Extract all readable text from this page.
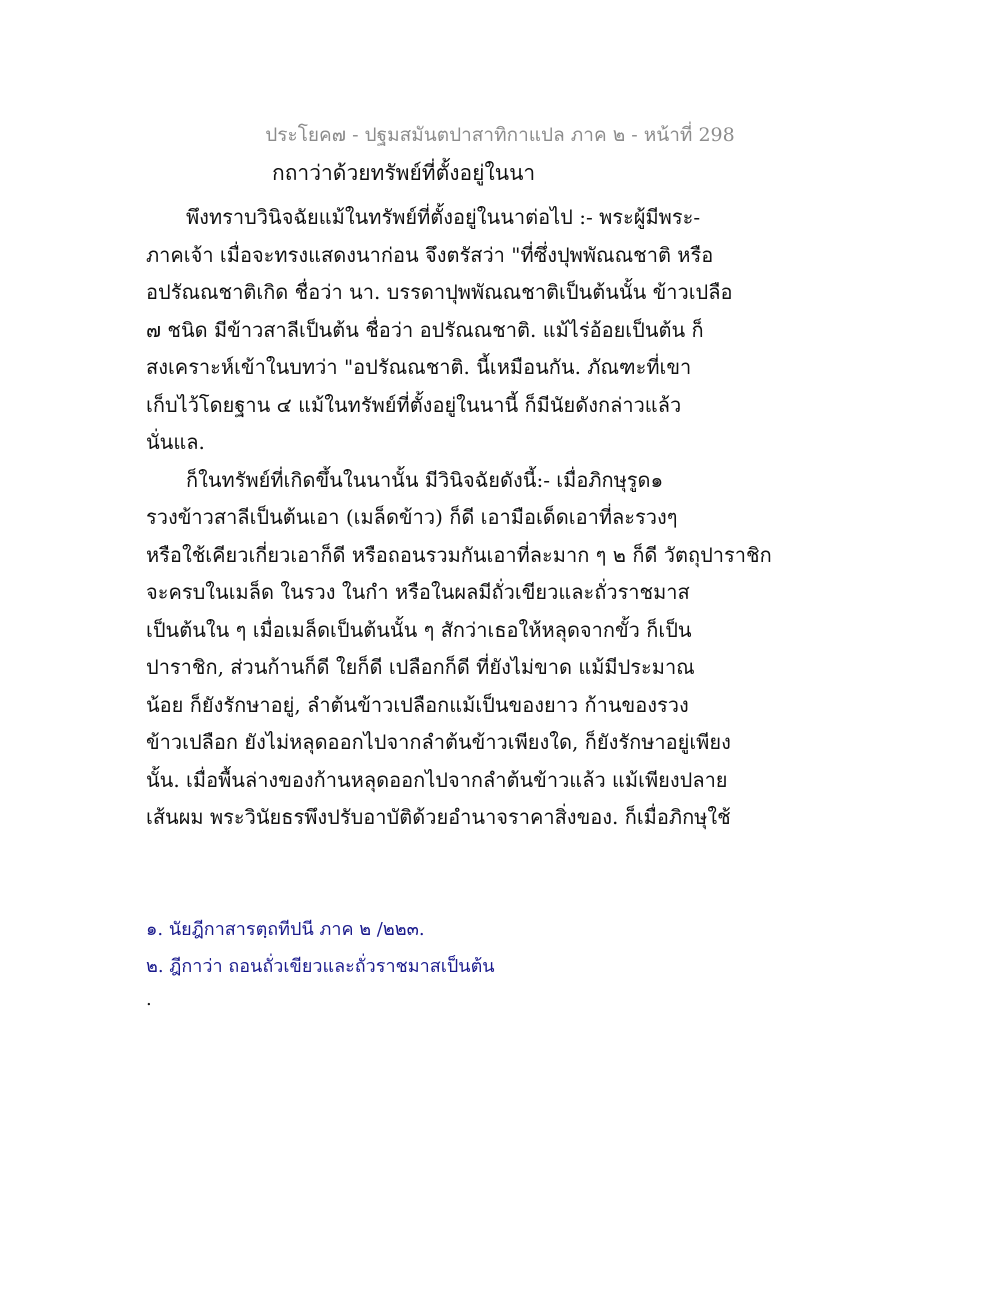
ประโยค๗ - ปฐมสมันตปาสาทิกาแปล ภาค ๒ - หน้าที่ 298
กถาว่าด้วยทรัพย์ที่ตั้งอยู่ในนา
พึงทราบวินิจฉัยแม้ในทรัพย์ที่ตั้งอยู่ในนาต่อไป :- พระผู้มีพระ-
ภาคเจ้า เมื่อจะทรงแสดงนาก่อน จึงตรัสว่า "ที่ซึ่งปุพพัณณชาติ หรือ
อปรัณณชาติเกิด ชื่อว่า นา. บรรดาปุพพัณณชาติเป็นต้นนั้น ข้าวเปลือ
๗ ชนิด มีข้าวสาลีเป็นต้น ชื่อว่า อปรัณณชาติ. แม้ไร่อ้อยเป็นต้น ก็
สงเคราะห์เข้าในบทว่า "อปรัณณชาติ. นี้เหมือนกัน. ภัณฑะที่เขา
เก็บไว้โดยฐาน ๔ แม้ในทรัพย์ที่ตั้งอยู่ในนานี้ ก็มีนัยดังกล่าวแล้ว
นั่นแล.
ก็ในทรัพย์ที่เกิดขึ้นในนานั้น มีวินิจฉัยดังนี้:- เมื่อภิกษุรูด๑
รวงข้าวสาลีเป็นต้นเอา (เมล็ดข้าว) ก็ดี เอามือเด็ดเอาที่ละรวงๆ
หรือใช้เคียวเกี่ยวเอาก็ดี หรือถอนรวมกันเอาที่ละมาก ๆ ๒ ก็ดี วัตถุปาราชิก
จะครบในเมล็ด ในรวง ในกำ หรือในผลมีถั่วเขียวและถั่วราชมาส
เป็นต้นใน ๆ เมื่อเมล็ดเป็นต้นนั้น ๆ สักว่าเธอให้หลุดจากขั้ว ก็เป็น
ปาราชิก, ส่วนก้านก็ดี ใยก็ดี เปลือกก็ดี ที่ยังไม่ขาด แม้มีประมาณ
น้อย ก็ยังรักษาอยู่, ลำต้นข้าวเปลือกแม้เป็นของยาว ก้านของรวง
ข้าวเปลือก ยังไม่หลุดออกไปจากลำต้นข้าวเพียงใด, ก็ยังรักษาอยู่เพียง
นั้น. เมื่อพื้นล่างของก้านหลุดออกไปจากลำต้นข้าวแล้ว แม้เพียงปลาย
เส้นผม พระวินัยธรพึงปรับอาบัติด้วยอำนาจราคาสิ่งของ. ก็เมื่อภิกษุใช้
๑. นัยฎีกาสารตฺถทีปนี ภาค ๒ /๒๒๓.
๒. ฎีกาว่า ถอนถั่วเขียวและถั่วราชมาสเป็นต้น
.
